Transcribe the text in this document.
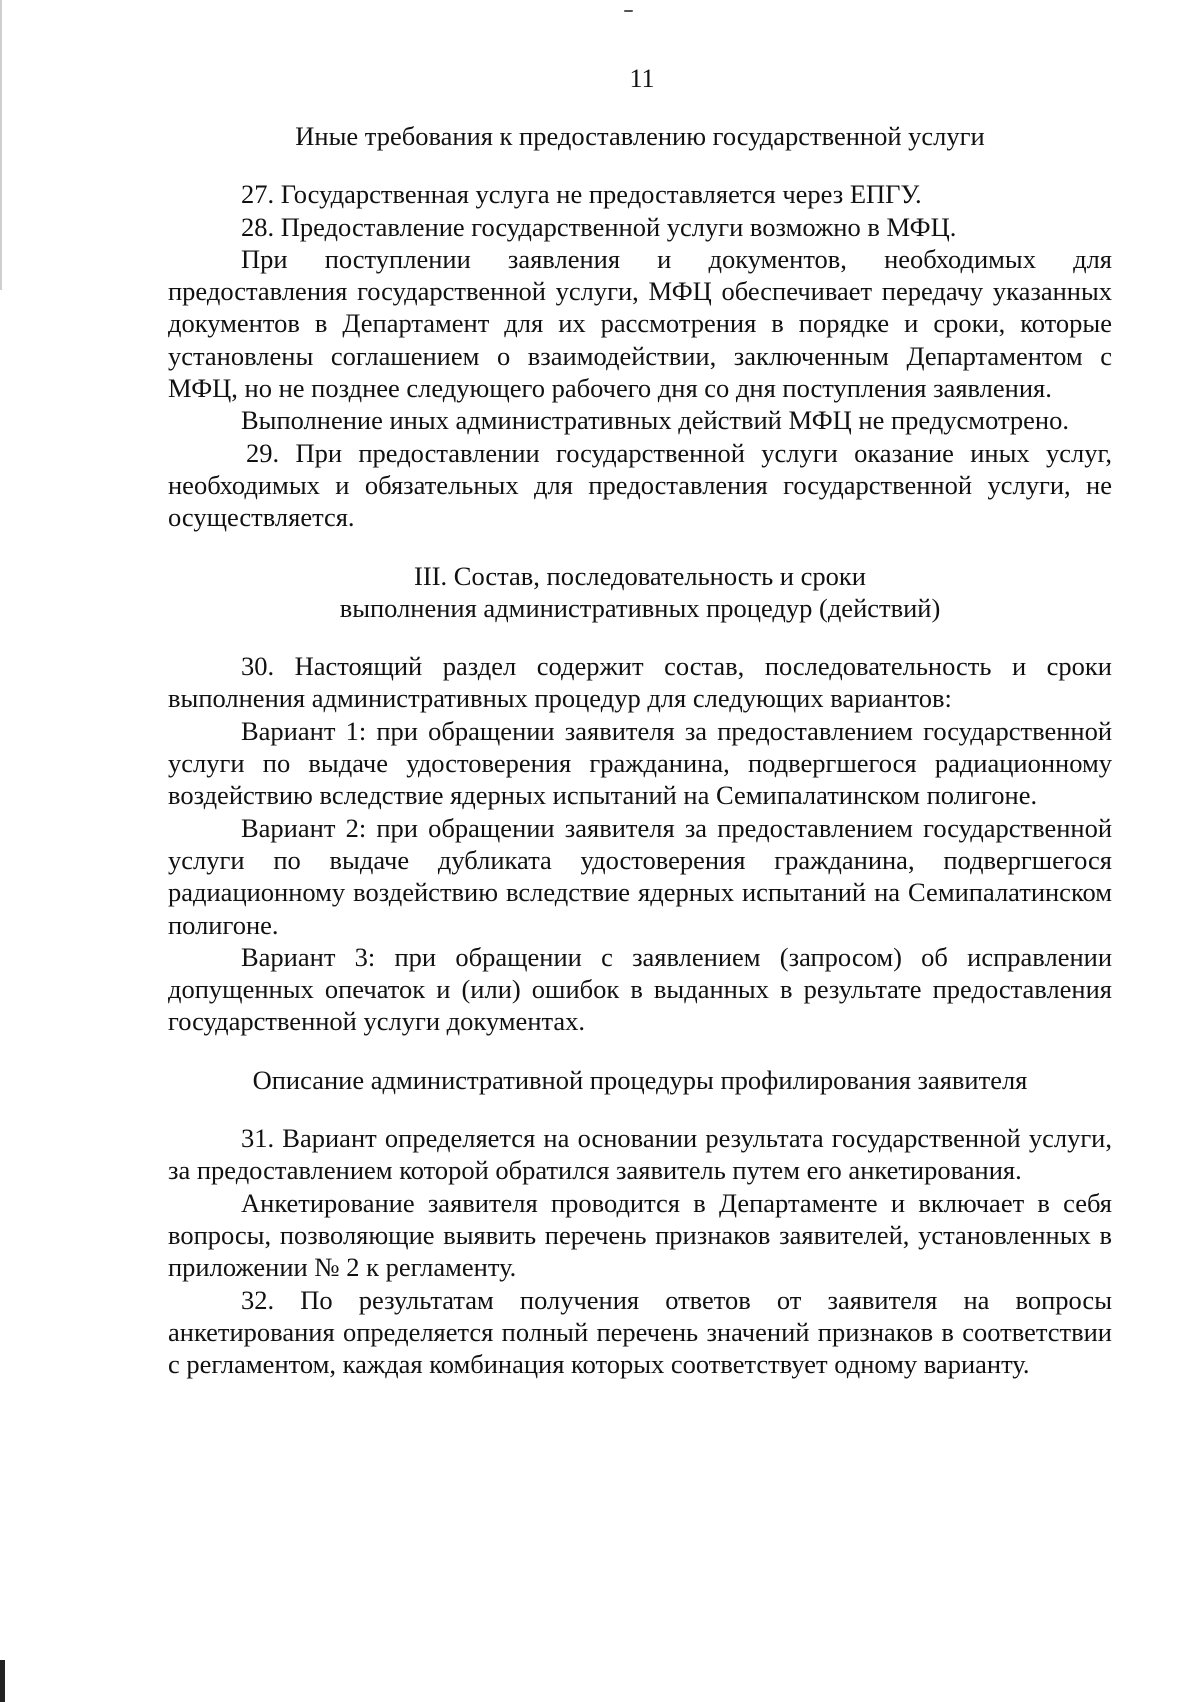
11

Иные требования к предоставлению государственной услуги

27. Государственная услуга не предоставляется через ЕПГУ.

28. Предоставление государственной услуги возможно в МФЦ.

При поступлении заявления и документов, необходимых для предоставления государственной услуги, МФЦ обеспечивает передачу указанных документов в Департамент для их рассмотрения в порядке и сроки, которые установлены соглашением о взаимодействии, заключенным Департаментом с МФЦ, но не позднее следующего рабочего дня со дня поступления заявления.

Выполнение иных административных действий МФЦ не предусмотрено.

29. При предоставлении государственной услуги оказание иных услуг, необходимых и обязательных для предоставления государственной услуги, не осуществляется.

III. Состав, последовательность и сроки
выполнения административных процедур (действий)

30. Настоящий раздел содержит состав, последовательность и сроки выполнения административных процедур для следующих вариантов:

Вариант 1: при обращении заявителя за предоставлением государственной услуги по выдаче удостоверения гражданина, подвергшегося радиационному воздействию вследствие ядерных испытаний на Семипалатинском полигоне.

Вариант 2: при обращении заявителя за предоставлением государственной услуги по выдаче дубликата удостоверения гражданина, подвергшегося радиационному воздействию вследствие ядерных испытаний на Семипалатинском полигоне.

Вариант 3: при обращении с заявлением (запросом) об исправлении допущенных опечаток и (или) ошибок в выданных в результате предоставления государственной услуги документах.

Описание административной процедуры профилирования заявителя

31. Вариант определяется на основании результата государственной услуги, за предоставлением которой обратился заявитель путем его анкетирования.

Анкетирование заявителя проводится в Департаменте и включает в себя вопросы, позволяющие выявить перечень признаков заявителей, установленных в приложении № 2 к регламенту.

32. По результатам получения ответов от заявителя на вопросы анкетирования определяется полный перечень значений признаков в соответствии с регламентом, каждая комбинация которых соответствует одному варианту.
